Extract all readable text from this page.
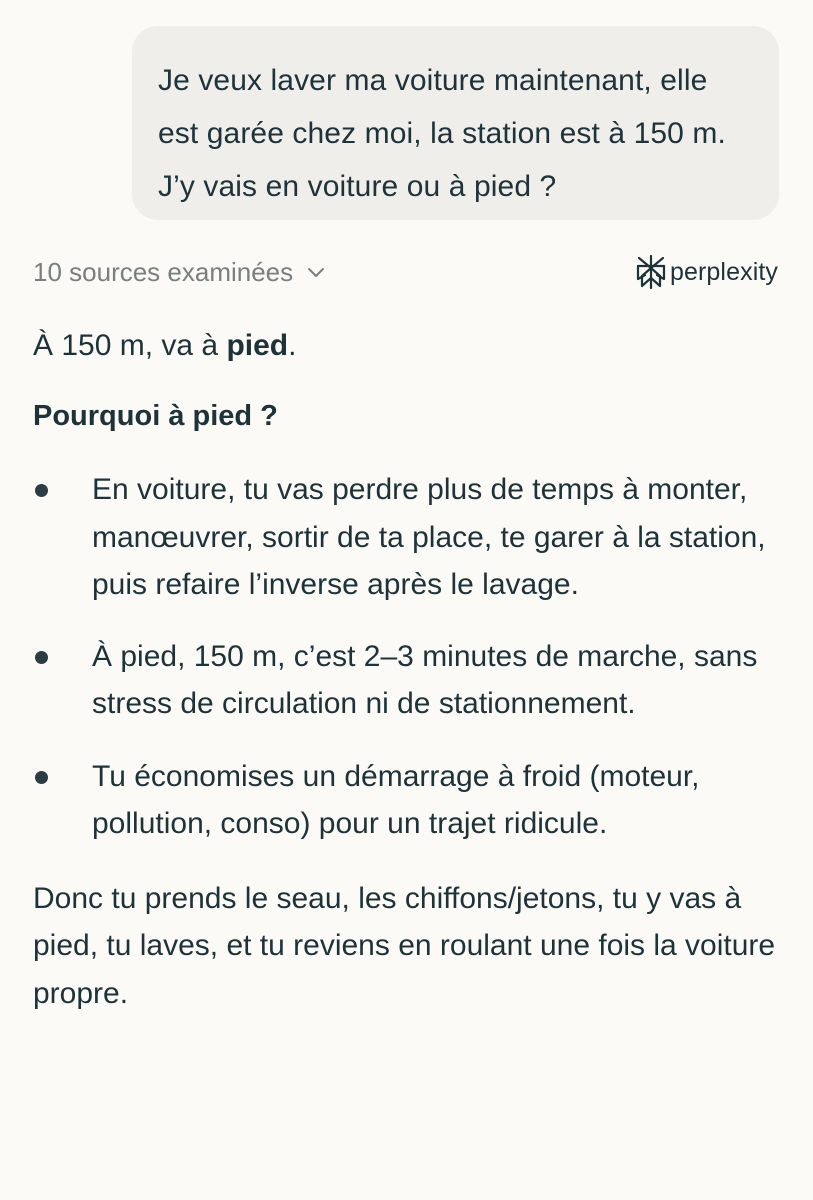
Je veux laver ma voiture maintenant, elle est garée chez moi, la station est à 150 m. J’y vais en voiture ou à pied ?

10 sources examinées	perplexity

À 150 m, va à pied.

Pourquoi à pied ?

En voiture, tu vas perdre plus de temps à monter, manœuvrer, sortir de ta place, te garer à la station, puis refaire l’inverse après le lavage.
À pied, 150 m, c’est 2–3 minutes de marche, sans stress de circulation ni de stationnement.
Tu économises un démarrage à froid (moteur, pollution, conso) pour un trajet ridicule.

Donc tu prends le seau, les chiffons/jetons, tu y vas à pied, tu laves, et tu reviens en roulant une fois la voiture propre.
